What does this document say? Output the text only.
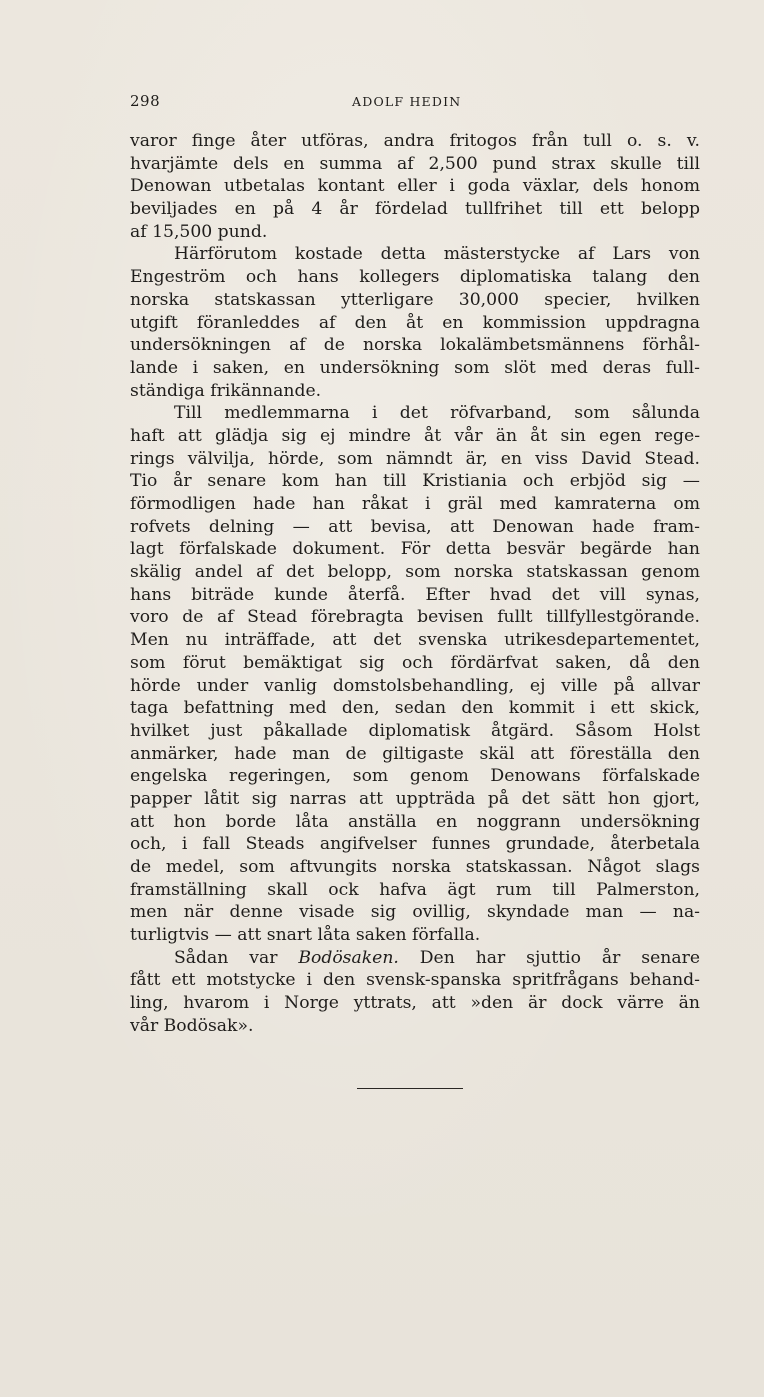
298	ADOLF HEDIN
varor finge åter utföras, andra fritogos från tull o. s. v.
hvarjämte dels en summa af 2,500 pund strax skulle till
Denowan utbetalas kontant eller i goda växlar, dels honom
beviljades en på 4 år fördelad tullfrihet till ett belopp
af 15,500 pund.
Härförutom kostade detta mästerstycke af Lars von
Engeström och hans kollegers diplomatiska talang den
norska statskassan ytterligare 30,000 specier, hvilken
utgift föranleddes af den åt en kommission uppdragna
undersökningen af de norska lokalämbetsmännens förhål-
lande i saken, en undersökning som slöt med deras full-
ständiga frikännande.
Till medlemmarna i det röfvarband, som sålunda
haft att glädja sig ej mindre åt vår än åt sin egen rege-
rings välvilja, hörde, som nämndt är, en viss David Stead.
Tio år senare kom han till Kristiania och erbjöd sig —
förmodligen hade han råkat i gräl med kamraterna om
rofvets delning — att bevisa, att Denowan hade fram-
lagt förfalskade dokument. För detta besvär begärde han
skälig andel af det belopp, som norska statskassan genom
hans biträde kunde återfå. Efter hvad det vill synas,
voro de af Stead förebragta bevisen fullt tillfyllestgörande.
Men nu inträffade, att det svenska utrikesdepartementet,
som förut bemäktigat sig och fördärfvat saken, då den
hörde under vanlig domstolsbehandling, ej ville på allvar
taga befattning med den, sedan den kommit i ett skick,
hvilket just påkallade diplomatisk åtgärd. Såsom Holst
anmärker, hade man de giltigaste skäl att föreställa den
engelska regeringen, som genom Denowans förfalskade
papper låtit sig narras att uppträda på det sätt hon gjort,
att hon borde låta anställa en noggrann undersökning
och, i fall Steads angifvelser funnes grundade, återbetala
de medel, som aftvungits norska statskassan. Något slags
framställning skall ock hafva ägt rum till Palmerston,
men när denne visade sig ovillig, skyndade man — na-
turligtvis — att snart låta saken förfalla.
Sådan var Bodösaken. Den har sjuttio år senare
fått ett motstycke i den svensk-spanska spritfrågans behand-
ling, hvarom i Norge yttrats, att »den är dock värre än
vår Bodösak».
